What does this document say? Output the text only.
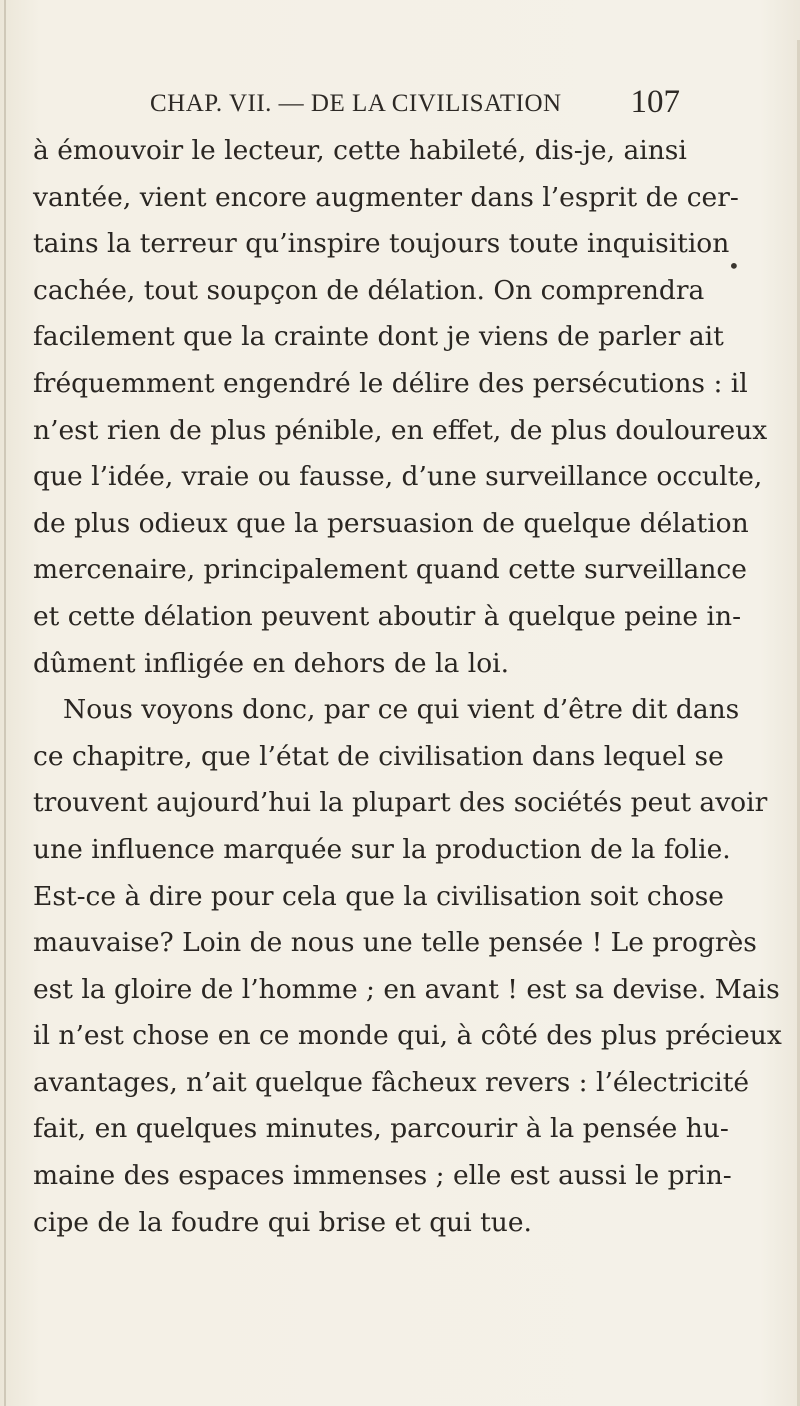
CHAP. VII. — DE LA CIVILISATION 107
•
à émouvoir le lecteur, cette habileté, dis-je, ainsi
vantée, vient encore augmenter dans l’esprit de cer-
tains la terreur qu’inspire toujours toute inquisition
cachée, tout soupçon de délation. On comprendra
facilement que la crainte dont je viens de parler ait
fréquemment engendré le délire des persécutions : il
n’est rien de plus pénible, en effet, de plus douloureux
que l’idée, vraie ou fausse, d’une surveillance occulte,
de plus odieux que la persuasion de quelque délation
mercenaire, principalement quand cette surveillance
et cette délation peuvent aboutir à quelque peine in-
dûment infligée en dehors de la loi.
Nous voyons donc, par ce qui vient d’être dit dans
ce chapitre, que l’état de civilisation dans lequel se
trouvent aujourd’hui la plupart des sociétés peut avoir
une influence marquée sur la production de la folie.
Est-ce à dire pour cela que la civilisation soit chose
mauvaise? Loin de nous une telle pensée ! Le progrès
est la gloire de l’homme ; en avant ! est sa devise. Mais
il n’est chose en ce monde qui, à côté des plus précieux
avantages, n’ait quelque fâcheux revers : l’électricité
fait, en quelques minutes, parcourir à la pensée hu-
maine des espaces immenses ; elle est aussi le prin-
cipe de la foudre qui brise et qui tue.
